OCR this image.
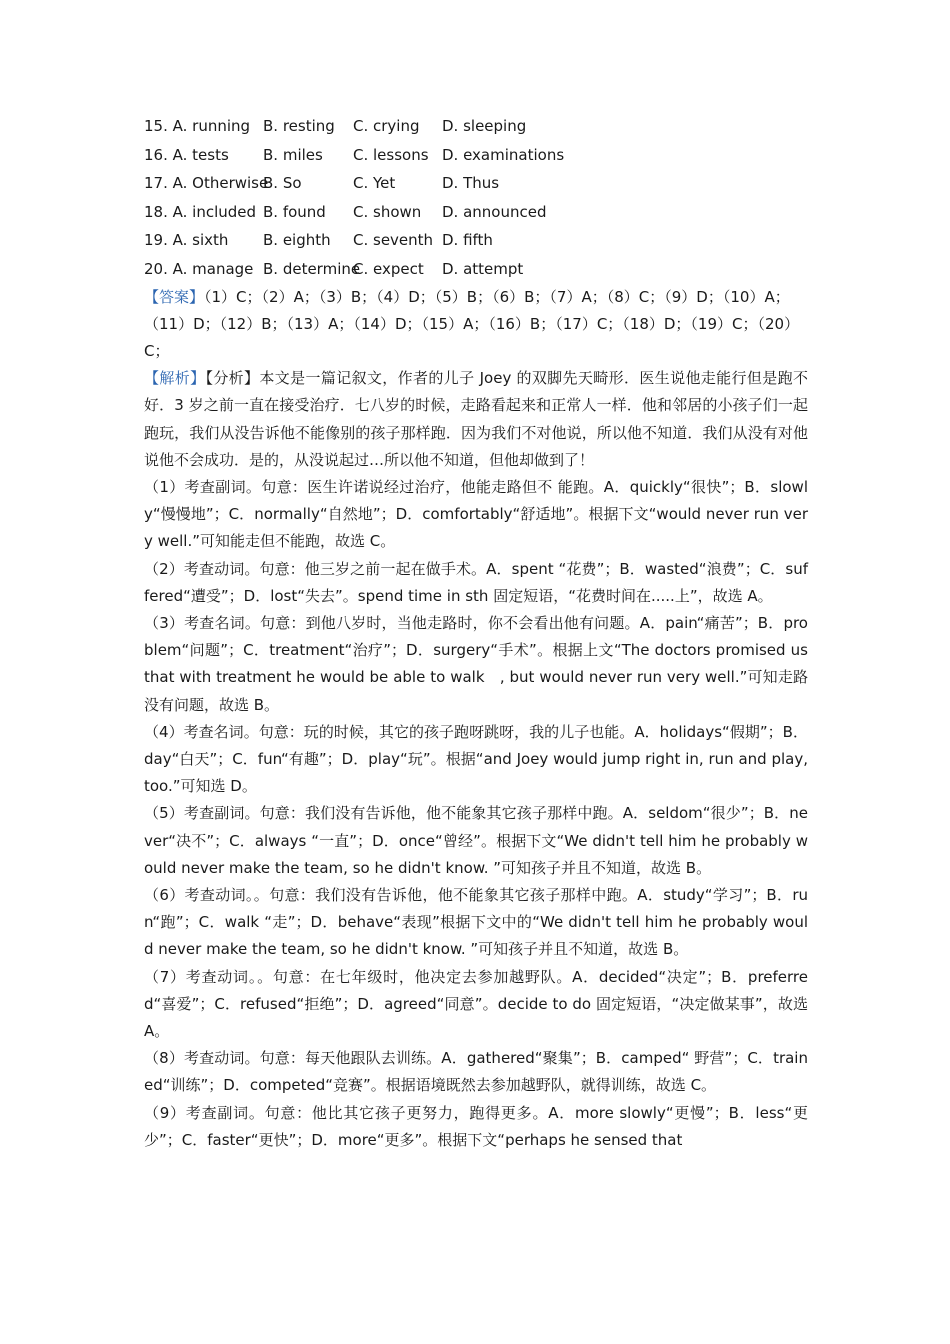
15. A. running B. resting C. crying D. sleeping
16. A. tests B. miles C. lessons D. examinations
17. A. Otherwise
B. So	C. Yet	D. Thus
18. A. included B. found C. shown D. announced
19. A. sixth B. eighth C. seventh D. fifth
20. A. manage B. determine
C. expect D. attempt

【答案】（1）C；（2）A；（3）B；（4）D；（5）B；（6）B；（7）A；（8）C；（9）D；（10）A；（11）D；（12）B；（13）A；（14）D；（15）A；（16）B；（17）C；（18）D；（19）C；（20）C；

【解析】【分析】本文是一篇记叙文，作者的儿子 Joey 的双脚先天畸形．医生说他走能行但是跑不好．3 岁之前一直在接受治疗．七八岁的时候，走路看起来和正常人一样．他和邻居的小孩子们一起跑玩，我们从没告诉他不能像别的孩子那样跑．因为我们不对他说，所以他不知道．我们从没有对他说他不会成功．是的，从没说起过…所以他不知道，但他却做到了！

（1）考查副词。句意：医生许诺说经过治疗，他能走路但不 能跑。A．quickly“很快”；B．slowly“慢慢地”；C．normally“自然地”；D．comfortably“舒适地”。根据下文“would never run very well.”可知能走但不能跑，故选 C。

（2）考查动词。句意：他三岁之前一起在做手术。A．spent “花费”；B．wasted“浪费”；C．suffered“遭受”；D．lost“失去”。spend time in sth 固定短语，“花费时间在.....上”，故选 A。

（3）考查名词。句意：到他八岁时，当他走路时，你不会看出他有问题。A．pain“痛苦”；B．problem“问题”；C．treatment“治疗”；D．surgery“手术”。根据上文“The doctors promised us that with treatment he would be able to walk　, but would never run very well.”可知走路没有问题，故选 B。

（4）考查名词。句意：玩的时候，其它的孩子跑呀跳呀，我的儿子也能。A．holidays“假期”；B．day“白天”；C．fun“有趣”；D．play“玩”。根据“and Joey would jump right in, run and play, too.”可知选 D。

（5）考查副词。句意：我们没有告诉他，他不能象其它孩子那样中跑。A．seldom“很少”；B．never“决不”；C．always “一直”；D．once“曾经”。根据下文“We didn't tell him he probably would never make the team, so he didn't know. ”可知孩子并且不知道，故选 B。

（6）考查动词。。句意：我们没有告诉他，他不能象其它孩子那样中跑。A．study“学习”；B．run“跑”；C．walk “走”；D．behave“表现”根据下文中的“We didn't tell him he probably would never make the team, so he didn't know. ”可知孩子并且不知道，故选 B。

（7）考查动词。。句意：在七年级时，他决定去参加越野队。A．decided“决定”；B．preferred“喜爱”；C．refused“拒绝”；D．agreed“同意”。decide to do 固定短语，“决定做某事”，故选 A。

（8）考查动词。句意：每天他跟队去训练。A．gathered“聚集”；B．camped“ 野营”；C．trained“训练”；D．competed“竞赛”。根据语境既然去参加越野队，就得训练，故选 C。

（9）考查副词。句意：他比其它孩子更努力，跑得更多。A．more slowly“更慢”；B．less“更少”；C．faster“更快”；D．more“更多”。根据下文“perhaps he sensed that
